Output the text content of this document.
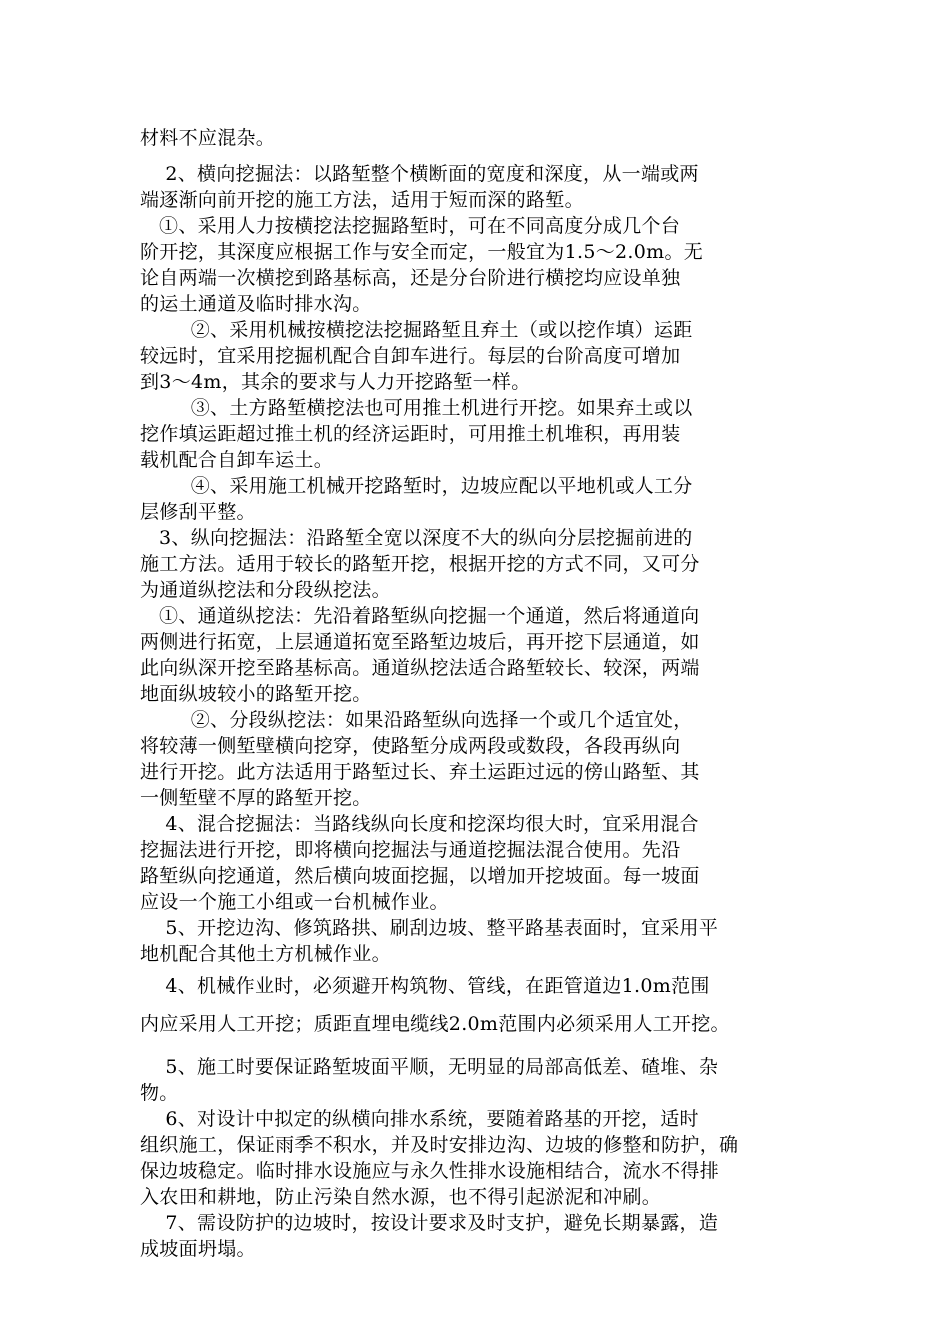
材料不应混杂。

2、横向挖掘法：以路堑整个横断面的宽度和深度，从一端或两
端逐渐向前开挖的施工方法，适用于短而深的路堑。

①、采用人力按横挖法挖掘路堑时，可在不同高度分成几个台
阶开挖，其深度应根据工作与安全而定，一般宜为1.5～2.0m。无
论自两端一次横挖到路基标高，还是分台阶进行横挖均应设单独
的运土通道及临时排水沟。

②、采用机械按横挖法挖掘路堑且弃土（或以挖作填）运距
较远时，宜采用挖掘机配合自卸车进行。每层的台阶高度可增加
到3～4m，其余的要求与人力开挖路堑一样。

③、土方路堑横挖法也可用推土机进行开挖。如果弃土或以
挖作填运距超过推土机的经济运距时，可用推土机堆积，再用装
载机配合自卸车运土。

④、采用施工机械开挖路堑时，边坡应配以平地机或人工分
层修刮平整。

3、纵向挖掘法：沿路堑全宽以深度不大的纵向分层挖掘前进的
施工方法。适用于较长的路堑开挖，根据开挖的方式不同，又可分
为通道纵挖法和分段纵挖法。

①、通道纵挖法：先沿着路堑纵向挖掘一个通道，然后将通道向
两侧进行拓宽，上层通道拓宽至路堑边坡后，再开挖下层通道，如
此向纵深开挖至路基标高。通道纵挖法适合路堑较长、较深，两端
地面纵坡较小的路堑开挖。

②、分段纵挖法：如果沿路堑纵向选择一个或几个适宜处，
将较薄一侧堑壁横向挖穿，使路堑分成两段或数段，各段再纵向
进行开挖。此方法适用于路堑过长、弃土运距过远的傍山路堑、其
一侧堑壁不厚的路堑开挖。

4、混合挖掘法：当路线纵向长度和挖深均很大时，宜采用混合
挖掘法进行开挖，即将横向挖掘法与通道挖掘法混合使用。先沿
路堑纵向挖通道，然后横向坡面挖掘，以增加开挖坡面。每一坡面
应设一个施工小组或一台机械作业。

5、开挖边沟、修筑路拱、刷刮边坡、整平路基表面时，宜采用平
地机配合其他土方机械作业。

4、机械作业时，必须避开构筑物、管线，在距管道边1.0m范围
内应采用人工开挖；质距直埋电缆线2.0m范围内必须采用人工开挖。

5、施工时要保证路堑坡面平顺，无明显的局部高低差、碴堆、杂
物。

6、对设计中拟定的纵横向排水系统，要随着路基的开挖，适时
组织施工，保证雨季不积水，并及时安排边沟、边坡的修整和防护，确
保边坡稳定。临时排水设施应与永久性排水设施相结合，流水不得排
入农田和耕地，防止污染自然水源，也不得引起淤泥和冲刷。

7、需设防护的边坡时，按设计要求及时支护，避免长期暴露，造
成坡面坍塌。
